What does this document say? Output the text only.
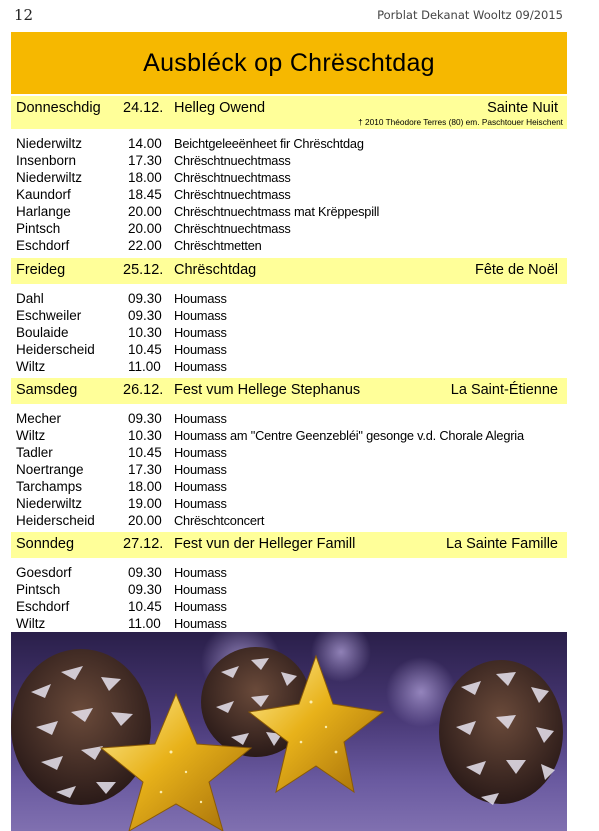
12	Porblat Dekanat Wooltz 09/2015
Ausbléck op Chrëschtdag
Donneschdig 24.12. Helleg Owend	Sainte Nuit
† 2010 Théodore Terres (80) em. Paschtouer Heischent
Niederwiltz	14.00 Beichtgeleeënheet fir Chrëschtdag
Insenborn	17.30 Chrëschtnuechtmass
Niederwiltz	18.00 Chrëschtnuechtmass
Kaundorf	18.45 Chrëschtnuechtmass
Harlange	20.00 Chrëschtnuechtmass mat Krëppespill
Pintsch	20.00 Chrëschtnuechtmass
Eschdorf	22.00 Chrëschtmetten
Freideg	25.12. Chrëschtdag	Fête de Noël
Dahl	09.30 Houmass
Eschweiler	09.30 Houmass
Boulaide	10.30 Houmass
Heiderscheid 10.45 Houmass
Wiltz	11.00 Houmass
Samsdeg	26.12. Fest vum Hellege Stephanus	La Saint-Étienne
Mecher	09.30 Houmass
Wiltz	10.30 Houmass am "Centre Geenzebléi" gesonge v.d. Chorale Alegria
Tadler	10.45 Houmass
Noertrange	17.30 Houmass
Tarchamps	18.00 Houmass
Niederwiltz	19.00 Houmass
Heiderscheid 20.00 Chrëschtconcert
Sonndeg	27.12. Fest vun der Helleger Famill	La Sainte Famille
Goesdorf	09.30 Houmass
Pintsch	09.30 Houmass
Eschdorf	10.45 Houmass
Wiltz	11.00 Houmass
